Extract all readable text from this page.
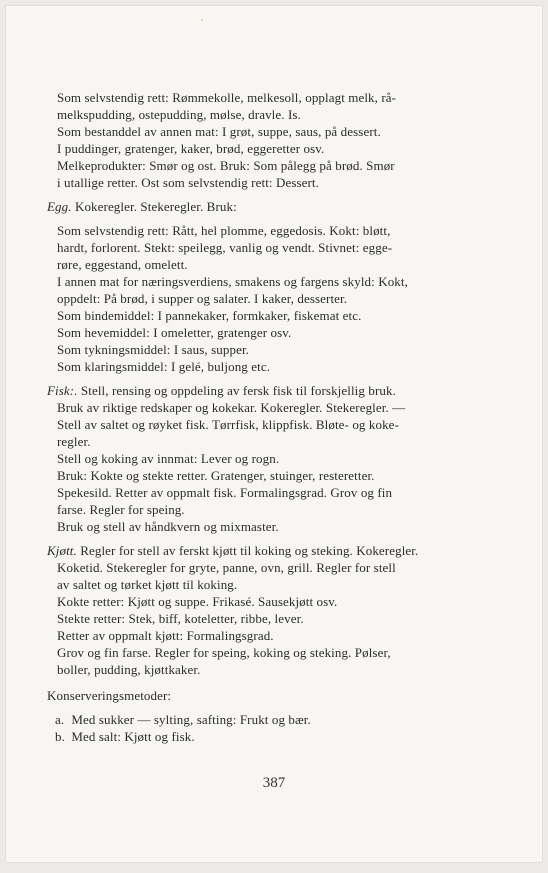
Som selvstendig rett: Rømmekolle, melkesoll, opplagt melk, rå-
melkspudding, ostepudding, mølse, dravle. Is.
Som bestanddel av annen mat: I grøt, suppe, saus, på dessert.
I puddinger, gratenger, kaker, brød, eggeretter osv.
Melkeprodukter: Smør og ost. Bruk: Som pålegg på brød. Smør
i utallige retter. Ost som selvstendig rett: Dessert.
Egg. Kokeregler. Stekeregler. Bruk:
Som selvstendig rett: Rått, hel plomme, eggedosis. Kokt: bløtt,
hardt, forlorent. Stekt: speilegg, vanlig og vendt. Stivnet: egge-
røre, eggestand, omelett.
I annen mat for næringsverdiens, smakens og fargens skyld: Kokt,
oppdelt: På brød, i supper og salater. I kaker, desserter.
Som bindemiddel: I pannekaker, formkaker, fiskemat etc.
Som hevemiddel: I omeletter, gratenger osv.
Som tykningsmiddel: I saus, supper.
Som klaringsmiddel: I gelé, buljong etc.
Fisk:. Stell, rensing og oppdeling av fersk fisk til forskjellig bruk.
Bruk av riktige redskaper og kokekar. Kokeregler. Stekeregler. —
Stell av saltet og røyket fisk. Tørrfisk, klippfisk. Bløte- og koke-
regler.
Stell og koking av innmat: Lever og rogn.
Bruk: Kokte og stekte retter. Gratenger, stuinger, resteretter.
Spekesild. Retter av oppmalt fisk. Formalingsgrad. Grov og fin
farse. Regler for speing.
Bruk og stell av håndkvern og mixmaster.
Kjøtt. Regler for stell av ferskt kjøtt til koking og steking. Kokeregler.
Koketid. Stekeregler for gryte, panne, ovn, grill. Regler for stell
av saltet og tørket kjøtt til koking.
Kokte retter: Kjøtt og suppe. Frikasé. Sausekjøtt osv.
Stekte retter: Stek, biff, koteletter, ribbe, lever.
Retter av oppmalt kjøtt: Formalingsgrad.
Grov og fin farse. Regler for speing, koking og steking. Pølser,
boller, pudding, kjøttkaker.
Konserveringsmetoder:
a. Med sukker — sylting, safting: Frukt og bær.
b. Med salt: Kjøtt og fisk.
387
